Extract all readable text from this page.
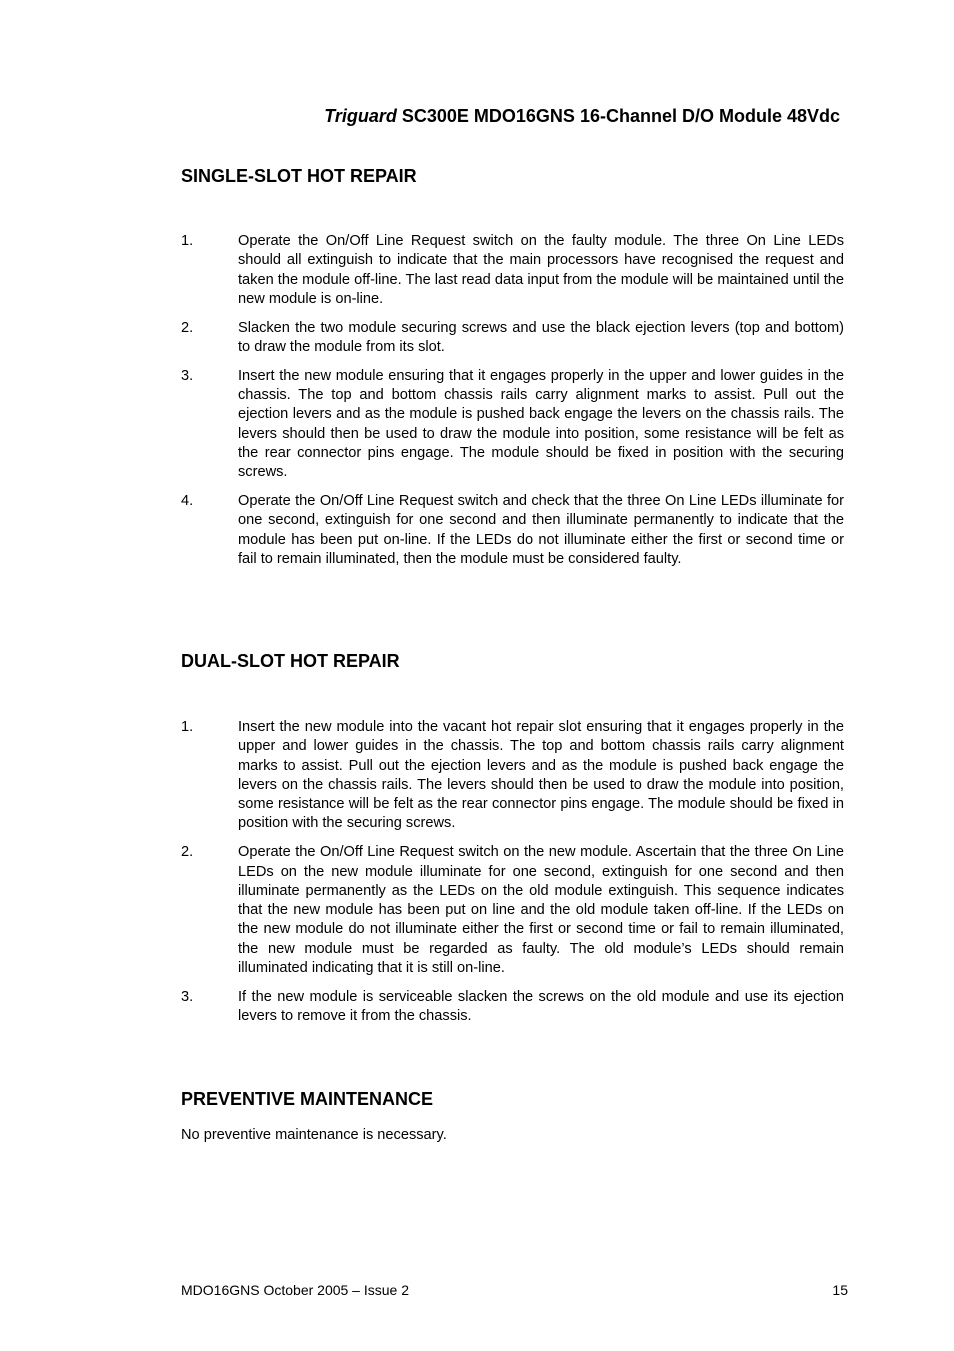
Triguard SC300E MDO16GNS 16-Channel D/O Module 48Vdc
SINGLE-SLOT HOT REPAIR
1.	Operate the On/Off Line Request switch on the faulty module. The three On Line LEDs should all extinguish to indicate that the main processors have recognised the request and taken the module off-line. The last read data input from the module will be maintained until the new module is on-line.
2.	Slacken the two module securing screws and use the black ejection levers (top and bottom) to draw the module from its slot.
3.	Insert the new module ensuring that it engages properly in the upper and lower guides in the chassis. The top and bottom chassis rails carry alignment marks to assist. Pull out the ejection levers and as the module is pushed back engage the levers on the chassis rails. The levers should then be used to draw the module into position, some resistance will be felt as the rear connector pins engage. The module should be fixed in position with the securing screws.
4.	Operate the On/Off Line Request switch and check that the three On Line LEDs illuminate for one second, extinguish for one second and then illuminate permanently to indicate that the module has been put on-line. If the LEDs do not illuminate either the first or second time or fail to remain illuminated, then the module must be considered faulty.
DUAL-SLOT HOT REPAIR
1.	Insert the new module into the vacant hot repair slot ensuring that it engages properly in the upper and lower guides in the chassis. The top and bottom chassis rails carry alignment marks to assist. Pull out the ejection levers and as the module is pushed back engage the levers on the chassis rails. The levers should then be used to draw the module into position, some resistance will be felt as the rear connector pins engage. The module should be fixed in position with the securing screws.
2.	Operate the On/Off Line Request switch on the new module. Ascertain that the three On Line LEDs on the new module illuminate for one second, extinguish for one second and then illuminate permanently as the LEDs on the old module extinguish. This sequence indicates that the new module has been put on line and the old module taken off-line. If the LEDs on the new module do not illuminate either the first or second time or fail to remain illuminated, the new module must be regarded as faulty. The old module’s LEDs should remain illuminated indicating that it is still on-line.
3.	If the new module is serviceable slacken the screws on the old module and use its ejection levers to remove it from the chassis.
PREVENTIVE MAINTENANCE

No preventive maintenance is necessary.

MDO16GNS October 2005 – Issue 2	15
